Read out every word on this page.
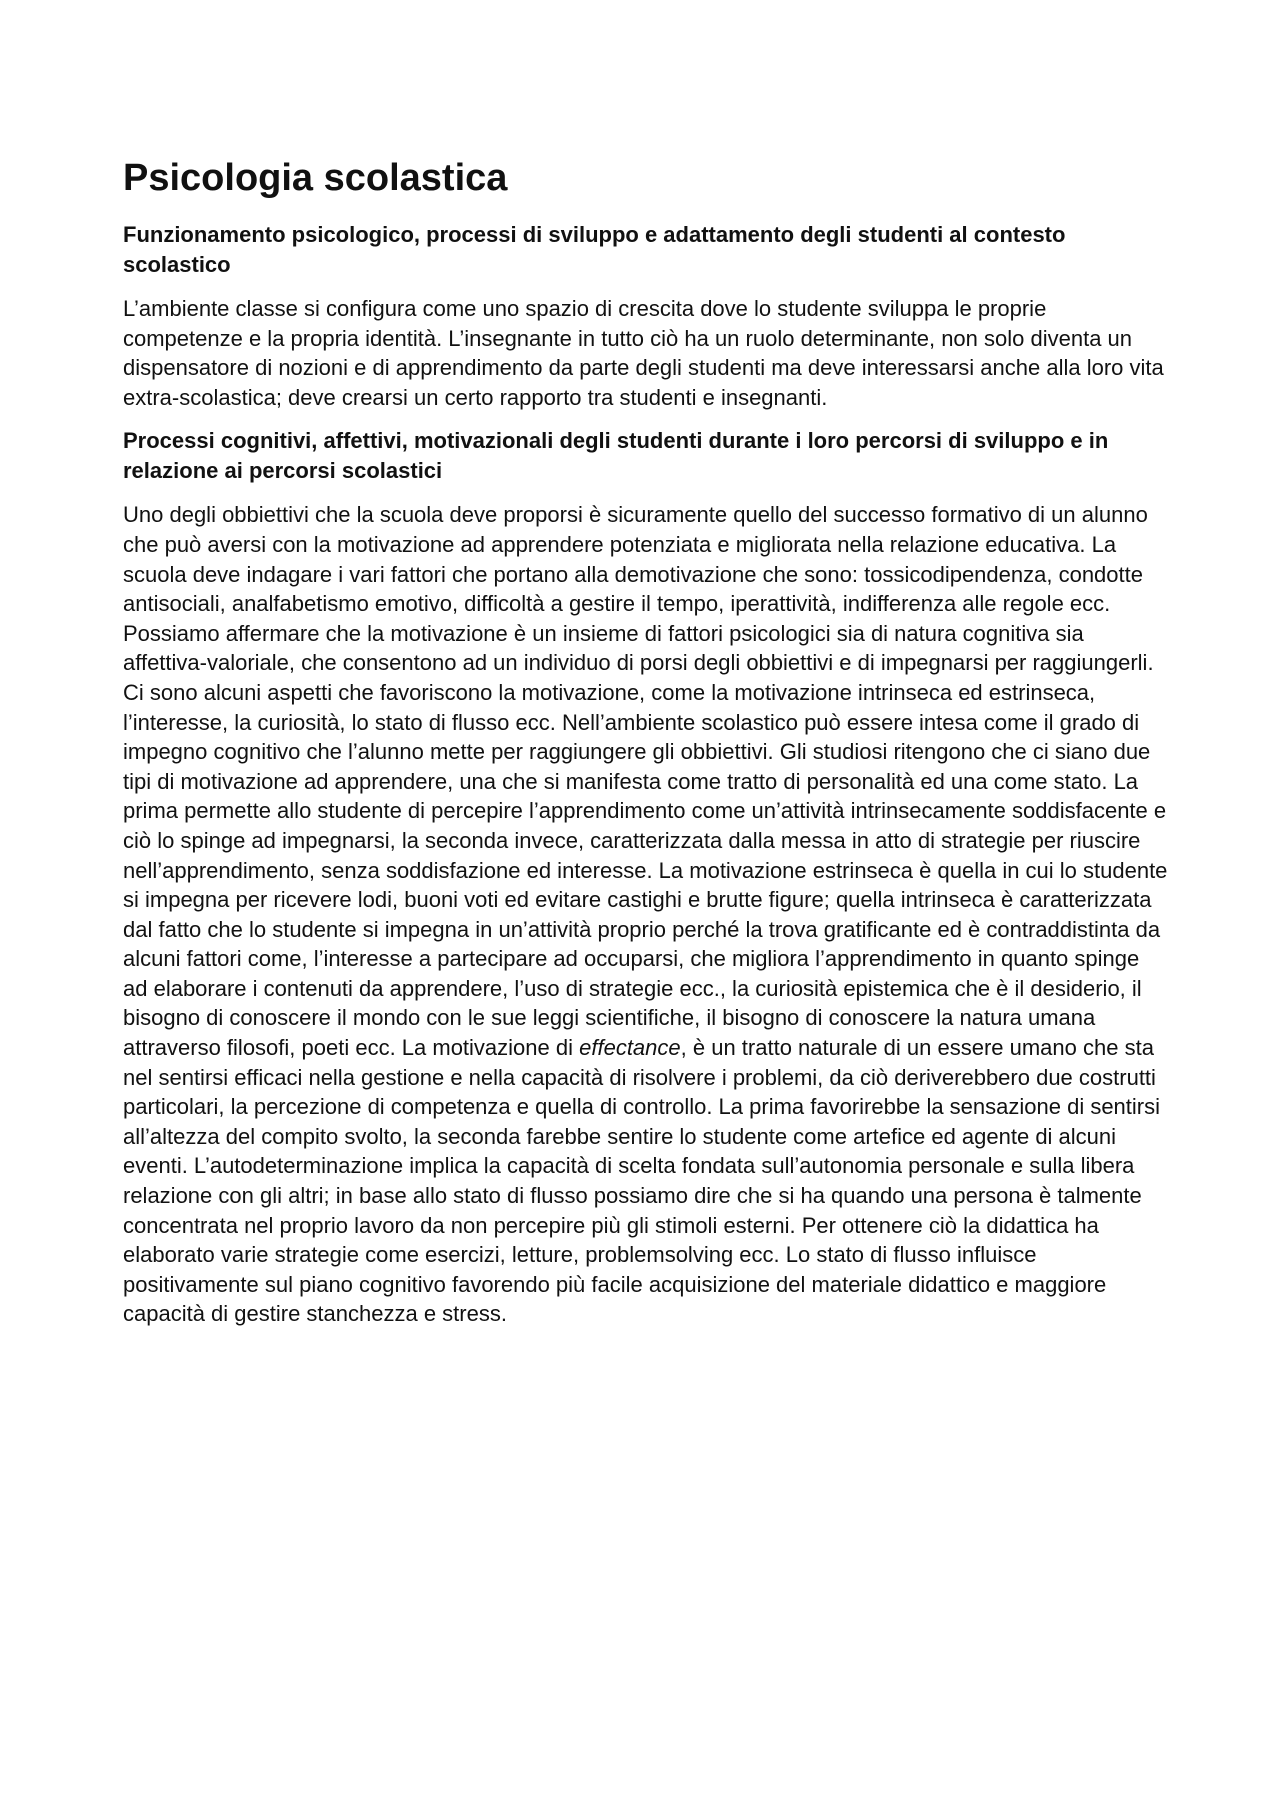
Psicologia scolastica
Funzionamento psicologico, processi di sviluppo e adattamento degli studenti al contesto scolastico

L’ambiente classe si configura come uno spazio di crescita dove lo studente sviluppa le proprie competenze e la propria identità. L’insegnante in tutto ciò ha un ruolo determinante, non solo diventa un dispensatore di nozioni e di apprendimento da parte degli studenti ma deve interessarsi anche alla loro vita extra-scolastica; deve crearsi un certo rapporto tra studenti e insegnanti.

Processi cognitivi, affettivi, motivazionali degli studenti durante i loro percorsi di sviluppo e in relazione ai percorsi scolastici

Uno degli obbiettivi che la scuola deve proporsi è sicuramente quello del successo formativo di un alunno che può aversi con la motivazione ad apprendere potenziata e migliorata nella relazione educativa. La scuola deve indagare i vari fattori che portano alla demotivazione che sono: tossicodipendenza, condotte antisociali, analfabetismo emotivo, difficoltà a gestire il tempo, iperattività, indifferenza alle regole ecc. Possiamo affermare che la motivazione è un insieme di fattori psicologici sia di natura cognitiva sia affettiva-valoriale, che consentono ad un individuo di porsi degli obbiettivi e di impegnarsi per raggiungerli. Ci sono alcuni aspetti che favoriscono la motivazione, come la motivazione intrinseca ed estrinseca, l’interesse, la curiosità, lo stato di flusso ecc. Nell’ambiente scolastico può essere intesa come il grado di impegno cognitivo che l’alunno mette per raggiungere gli obbiettivi. Gli studiosi ritengono che ci siano due tipi di motivazione ad apprendere, una che si manifesta come tratto di personalità ed una come stato. La prima permette allo studente di percepire l’apprendimento come un’attività intrinsecamente soddisfacente e ciò lo spinge ad impegnarsi, la seconda invece, caratterizzata dalla messa in atto di strategie per riuscire nell’apprendimento, senza soddisfazione ed interesse. La motivazione estrinseca è quella in cui lo studente si impegna per ricevere lodi, buoni voti ed evitare castighi e brutte figure; quella intrinseca è caratterizzata dal fatto che lo studente si impegna in un’attività proprio perché la trova gratificante ed è contraddistinta da alcuni fattori come, l’interesse a partecipare ad occuparsi, che migliora l’apprendimento in quanto spinge ad elaborare i contenuti da apprendere, l’uso di strategie ecc., la curiosità epistemica che è il desiderio, il bisogno di conoscere il mondo con le sue leggi scientifiche, il bisogno di conoscere la natura umana attraverso filosofi, poeti ecc. La motivazione di effectance, è un tratto naturale di un essere umano che sta nel sentirsi efficaci nella gestione e nella capacità di risolvere i problemi, da ciò deriverebbero due costrutti particolari, la percezione di competenza e quella di controllo. La prima favorirebbe la sensazione di sentirsi all’altezza del compito svolto, la seconda farebbe sentire lo studente come artefice ed agente di alcuni eventi. L’autodeterminazione implica la capacità di scelta fondata sull’autonomia personale e sulla libera relazione con gli altri; in base allo stato di flusso possiamo dire che si ha quando una persona è talmente concentrata nel proprio lavoro da non percepire più gli stimoli esterni. Per ottenere ciò la didattica ha elaborato varie strategie come esercizi, letture, problemsolving ecc. Lo stato di flusso influisce positivamente sul piano cognitivo favorendo più facile acquisizione del materiale didattico e maggiore capacità di gestire stanchezza e stress.
